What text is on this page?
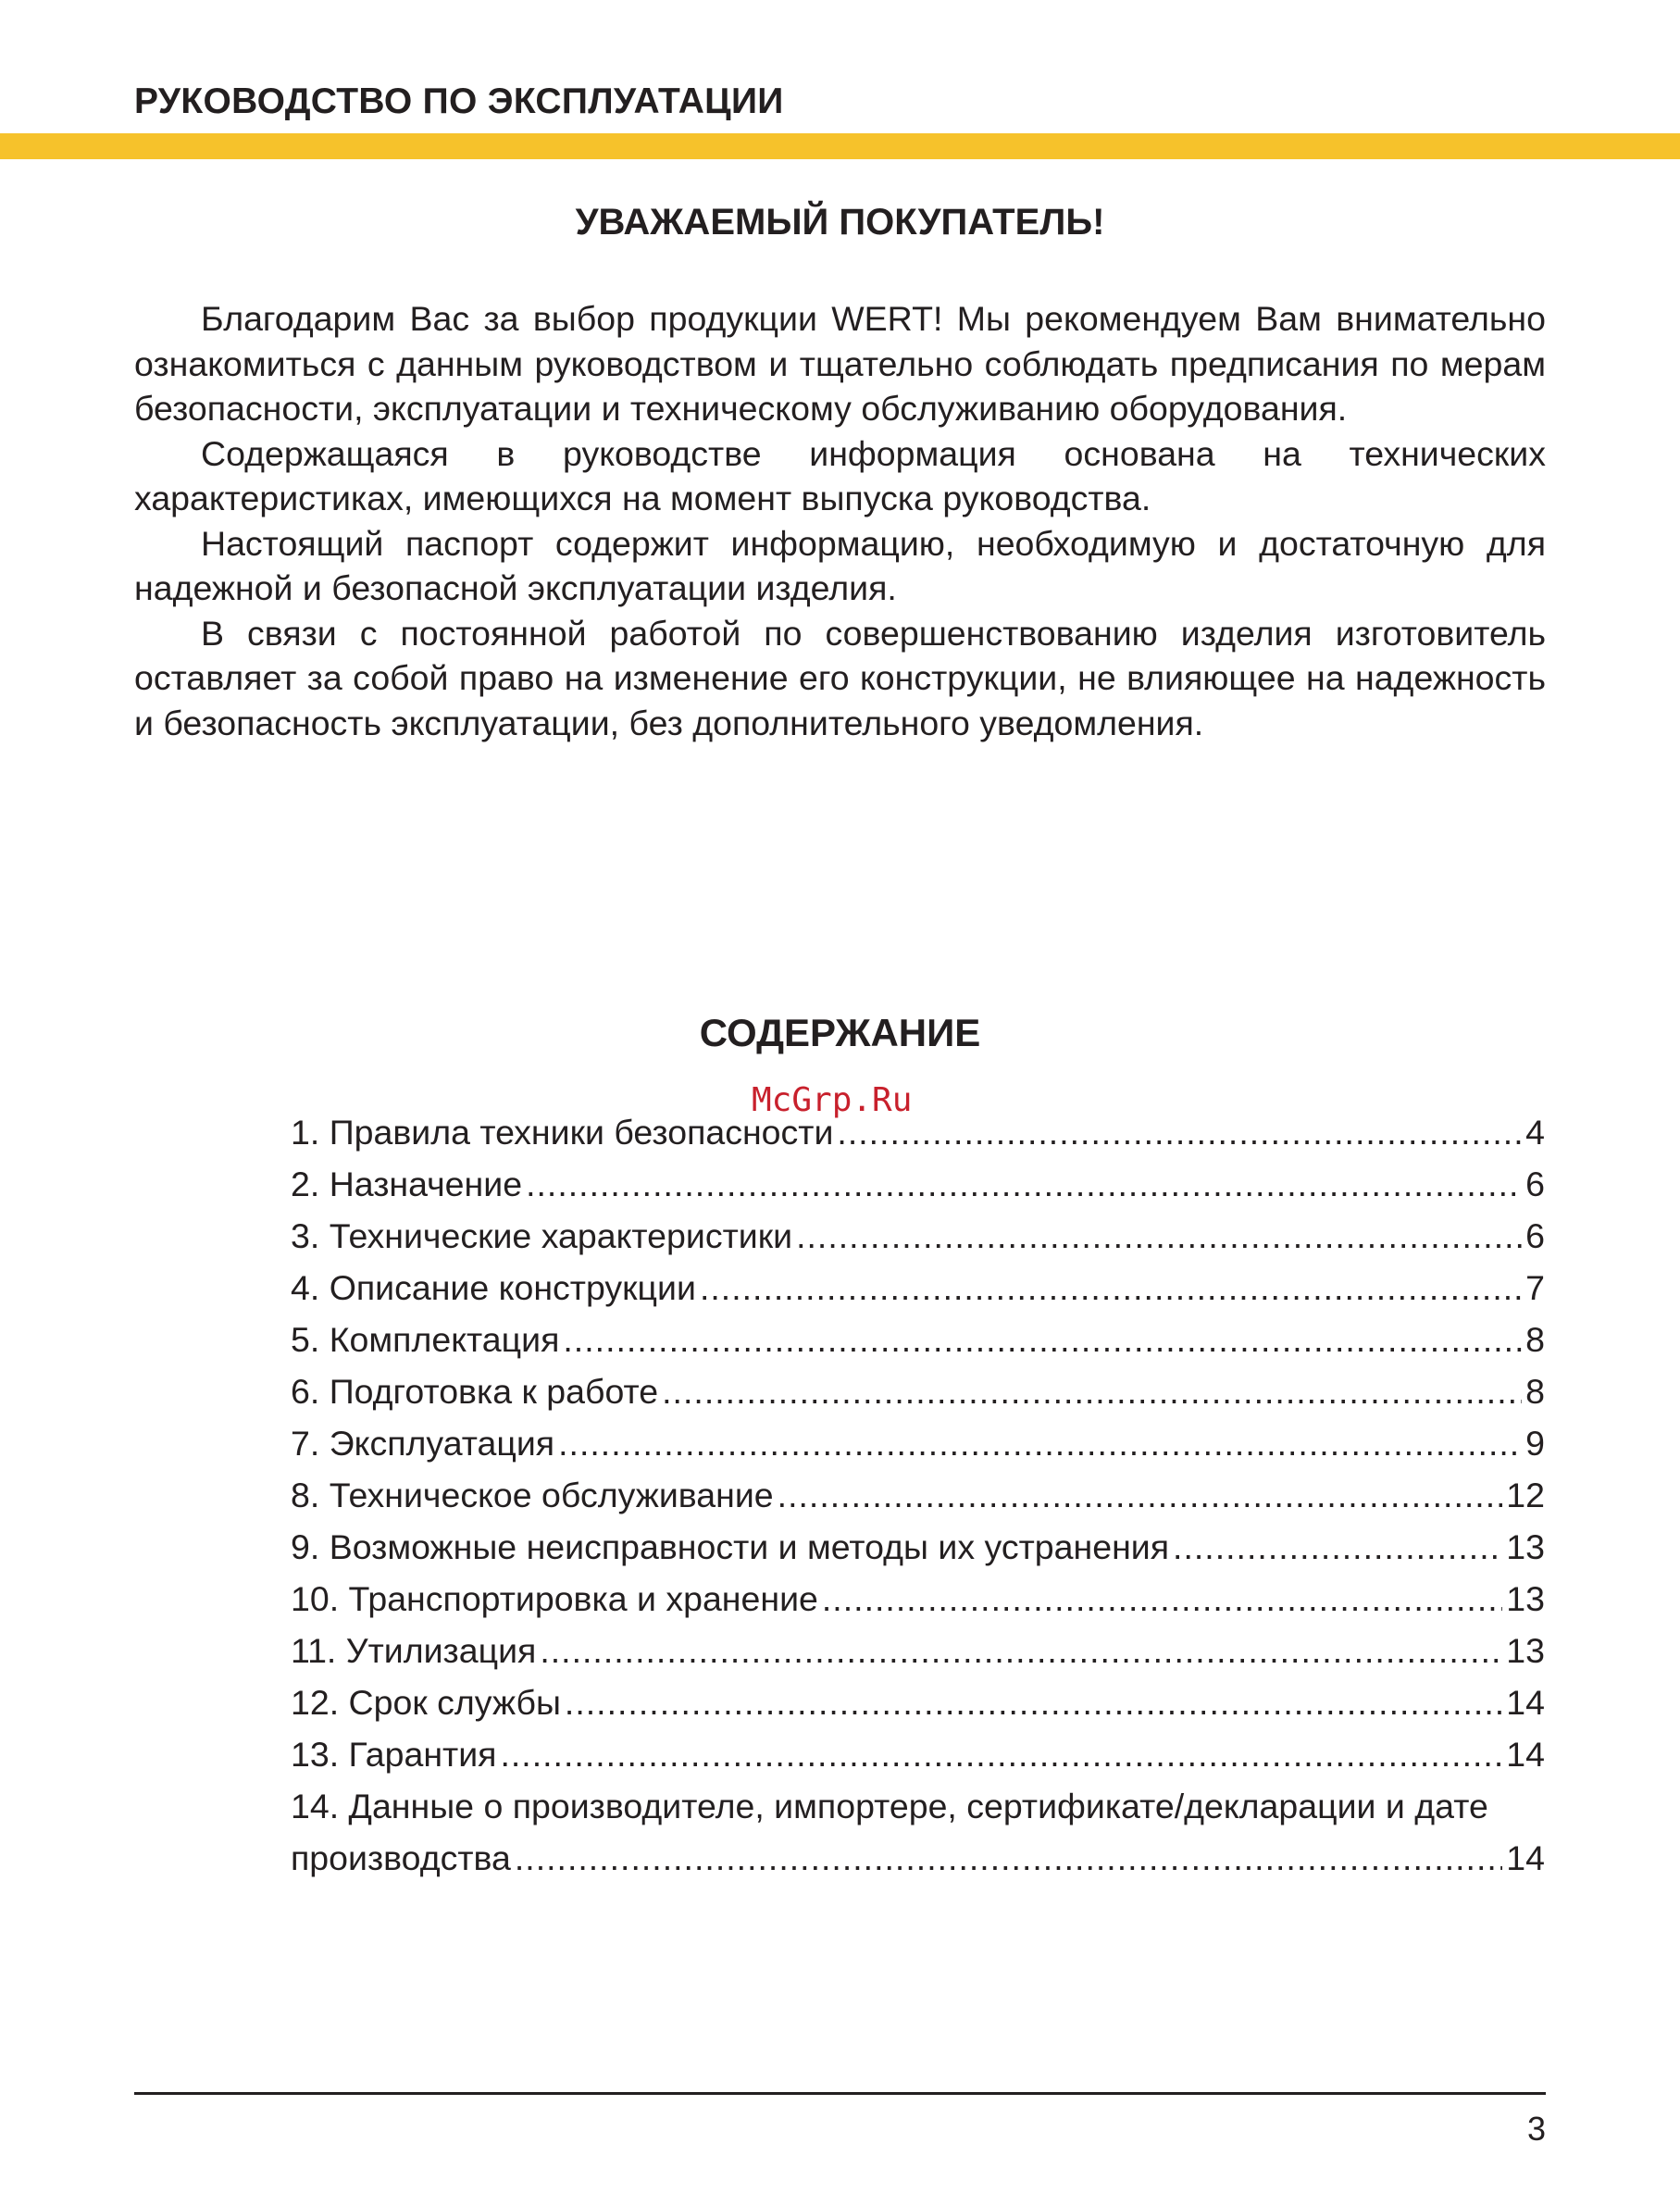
РУКОВОДСТВО ПО ЭКСПЛУАТАЦИИ
УВАЖАЕМЫЙ ПОКУПАТЕЛЬ!

Благодарим Вас за выбор продукции WERT! Мы рекомендуем Вам внимательно ознакомиться с данным руководством и тщательно соблюдать предписания по мерам безопасности, эксплуатации и техническому обслуживанию оборудования.

Содержащаяся в руководстве информация основана на технических характеристиках, имеющихся на момент выпуска руководства.

Настоящий паспорт содержит информацию, необходимую и достаточную для надежной и безопасной эксплуатации изделия.

В связи с постоянной работой по совершенствованию изделия изготовитель оставляет за собой право на изменение его конструкции, не влияющее на надежность и безопасность эксплуатации, без дополнительного уведомления.

СОДЕРЖАНИЕ
McGrp.Ru
1. Правила техники безопасности .....	4
2. Назначение .....	6
3. Технические характеристики .....	6
4. Описание конструкции .....	7
5. Комплектация .....	8
6. Подготовка к работе .....	8
7. Эксплуатация .....	9
8. Техническое обслуживание .....	12
9. Возможные неисправности и методы их устранения .....	13
10. Транспортировка и хранение .....	13
11. Утилизация .....	13
12. Срок службы .....	14
13. Гарантия .....	14
14. Данные о производителе, импортере, сертификате/декларации и дате
производства .....	14
3
